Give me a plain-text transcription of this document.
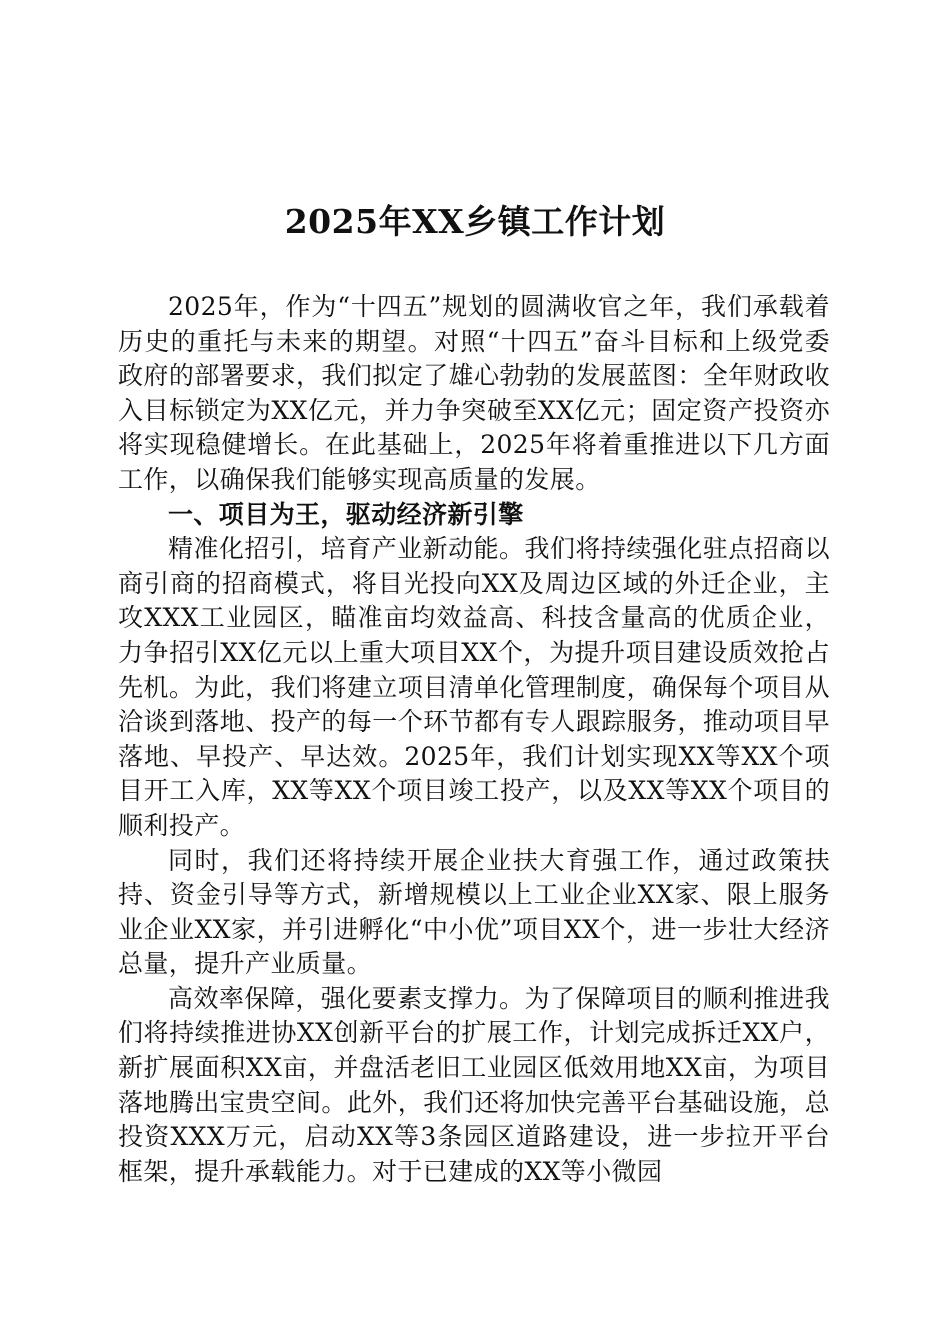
2025年XX乡镇工作计划

2025年，作为“十四五”规划的圆满收官之年，我们承载着历史的重托与未来的期望。对照“十四五”奋斗目标和上级党委政府的部署要求，我们拟定了雄心勃勃的发展蓝图：全年财政收入目标锁定为XX亿元，并力争突破至XX亿元；固定资产投资亦将实现稳健增长。在此基础上，2025年将着重推进以下几方面工作，以确保我们能够实现高质量的发展。

一、项目为王，驱动经济新引擎

精准化招引，培育产业新动能。我们将持续强化驻点招商以商引商的招商模式，将目光投向XX及周边区域的外迁企业，主攻XXX工业园区，瞄准亩均效益高、科技含量高的优质企业，力争招引XX亿元以上重大项目XX个，为提升项目建设质效抢占先机。为此，我们将建立项目清单化管理制度，确保每个项目从洽谈到落地、投产的每一个环节都有专人跟踪服务，推动项目早落地、早投产、早达效。2025年，我们计划实现XX等XX个项目开工入库，XX等XX个项目竣工投产，以及XX等XX个项目的顺利投产。

同时，我们还将持续开展企业扶大育强工作，通过政策扶持、资金引导等方式，新增规模以上工业企业XX家、限上服务业企业XX家，并引进孵化“中小优”项目XX个，进一步壮大经济总量，提升产业质量。

高效率保障，强化要素支撑力。为了保障项目的顺利推进我们将持续推进协XX创新平台的扩展工作，计划完成拆迁XX户，新扩展面积XX亩，并盘活老旧工业园区低效用地XX亩，为项目落地腾出宝贵空间。此外，我们还将加快完善平台基础设施，总投资XXX万元，启动XX等3条园区道路建设，进一步拉开平台框架，提升承载能力。对于已建成的XX等小微园
